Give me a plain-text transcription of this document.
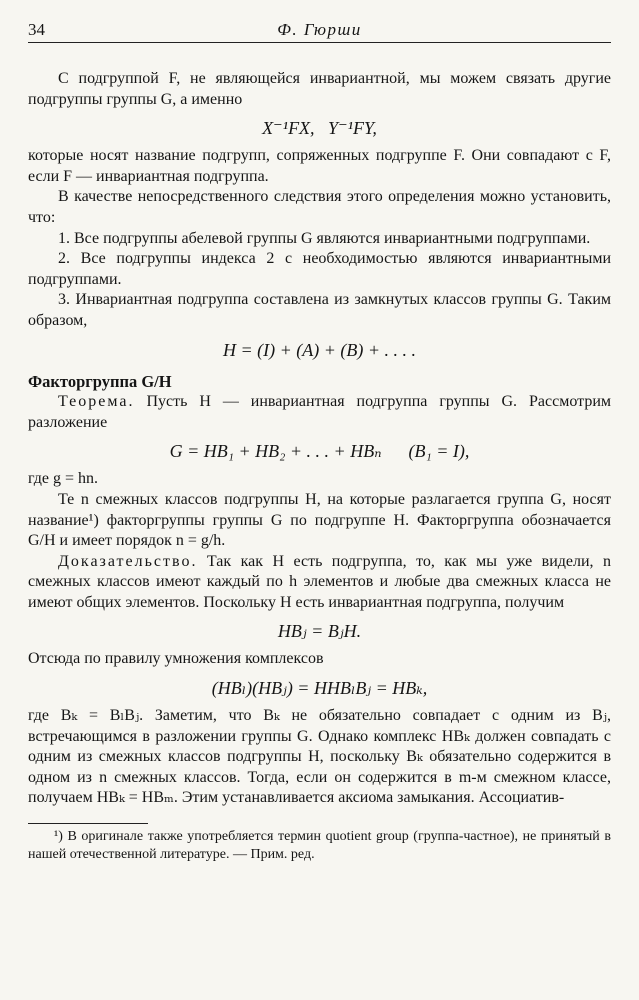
34	Ф. Гюрши

С подгруппой F, не являющейся инвариантной, мы можем связать другие подгруппы группы G, а именно

X⁻¹FX,   Y⁻¹FY,

которые носят название подгрупп, сопряженных подгруппе F. Они совпадают с F, если F — инвариантная подгруппа.

В качестве непосредственного следствия этого определения можно установить, что:

1. Все подгруппы абелевой группы G являются инвариантными подгруппами.

2. Все подгруппы индекса 2 с необходимостью являются инвариантными подгруппами.

3. Инвариантная подгруппа составлена из замкнутых классов группы G. Таким образом,

H = (I) + (A) + (B) + . . . .

Факторгруппа G/H

Теорема. Пусть H — инвариантная подгруппа группы G. Рассмотрим разложение

G = HB₁ + HB₂ + . . . + HBₙ      (B₁ = I),

где g = hn.

Те n смежных классов подгруппы H, на которые разлагается группа G, носят название¹) факторгруппы группы G по подгруппе H. Факторгруппа обозначается G/H и имеет порядок n = g/h.

Доказательство. Так как H есть подгруппа, то, как мы уже видели, n смежных классов имеют каждый по h элементов и любые два смежных класса не имеют общих элементов. Поскольку H есть инвариантная подгруппа, получим

HBⱼ = BⱼH.

Отсюда по правилу умножения комплексов

(HBₗ)(HBⱼ) = HHBₗBⱼ = HBₖ,

где Bₖ = BₗBⱼ. Заметим, что Bₖ не обязательно совпадает с одним из Bⱼ, встречающимся в разложении группы G. Однако комплекс HBₖ должен совпадать с одним из смежных классов подгруппы H, поскольку Bₖ обязательно содержится в одном из n смежных классов. Тогда, если он содержится в m-м смежном классе, получаем HBₖ = HBₘ. Этим устанавливается аксиома замыкания. Ассоциатив-

¹) В оригинале также употребляется термин quotient group (группа-частное), не принятый в нашей отечественной литературе. — Прим. ред.
